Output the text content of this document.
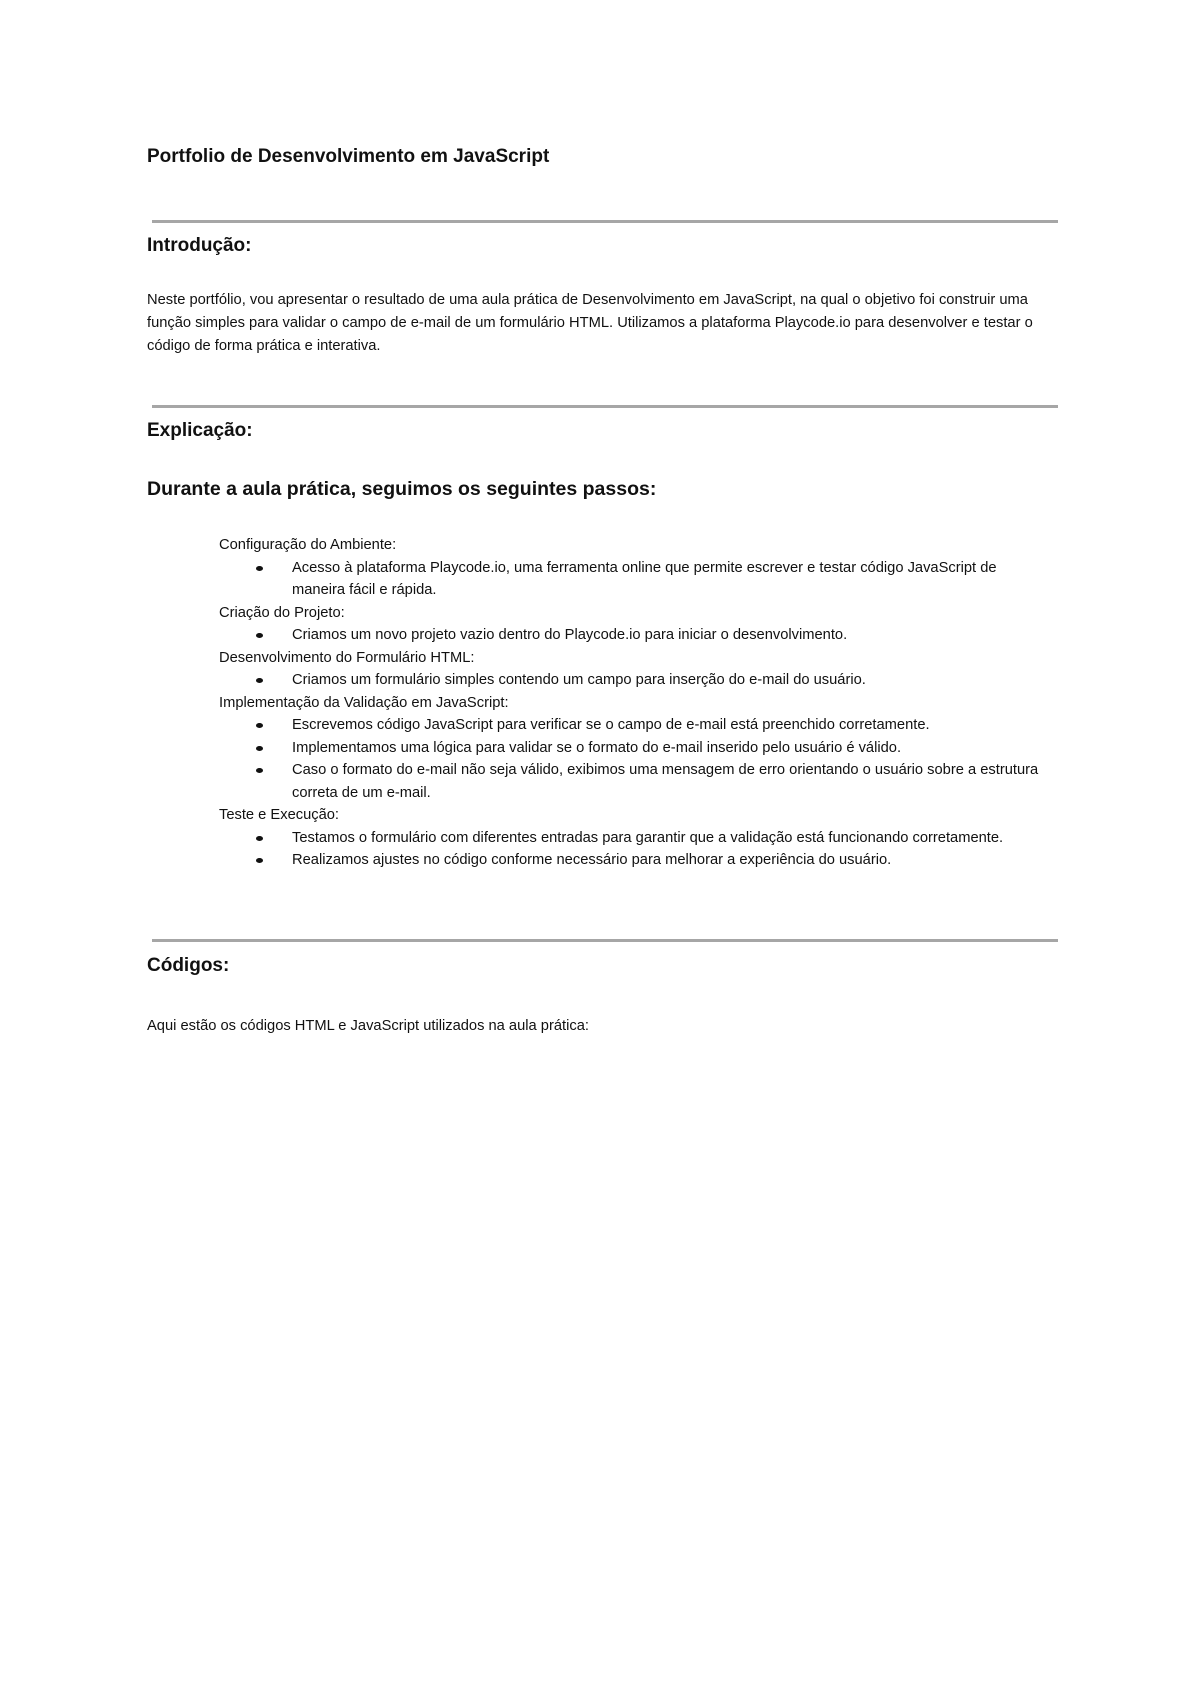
Portfolio de Desenvolvimento em JavaScript
Introdução:

Neste portfólio, vou apresentar o resultado de uma aula prática de Desenvolvimento em JavaScript, na qual o objetivo foi construir uma função simples para validar o campo de e-mail de um formulário HTML. Utilizamos a plataforma Playcode.io para desenvolver e testar o código de forma prática e interativa.

Explicação:
Durante a aula prática, seguimos os seguintes passos:
Configuração do Ambiente:
Acesso à plataforma Playcode.io, uma ferramenta online que permite escrever e testar código JavaScript de maneira fácil e rápida.
Criação do Projeto:
Criamos um novo projeto vazio dentro do Playcode.io para iniciar o desenvolvimento.
Desenvolvimento do Formulário HTML:
Criamos um formulário simples contendo um campo para inserção do e-mail do usuário.
Implementação da Validação em JavaScript:
Escrevemos código JavaScript para verificar se o campo de e-mail está preenchido corretamente.
Implementamos uma lógica para validar se o formato do e-mail inserido pelo usuário é válido.
Caso o formato do e-mail não seja válido, exibimos uma mensagem de erro orientando o usuário sobre a estrutura correta de um e-mail.
Teste e Execução:
Testamos o formulário com diferentes entradas para garantir que a validação está funcionando corretamente.
Realizamos ajustes no código conforme necessário para melhorar a experiência do usuário.
Códigos:

Aqui estão os códigos HTML e JavaScript utilizados na aula prática:
